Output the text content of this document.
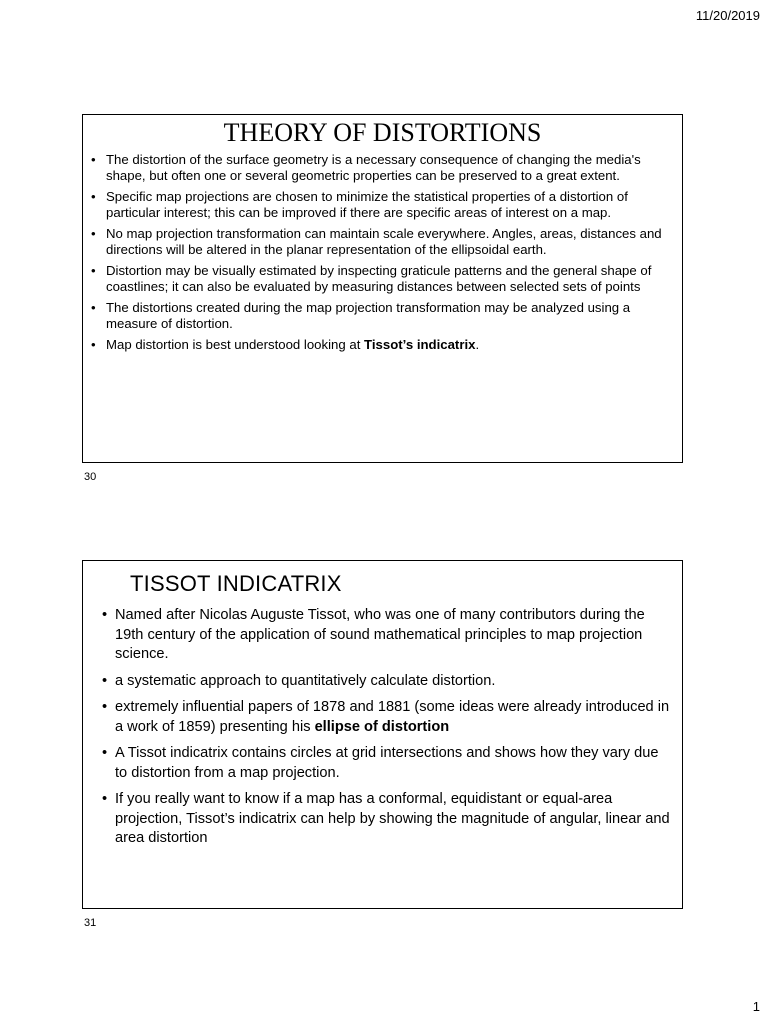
11/20/2019
THEORY OF DISTORTIONS
• The distortion of the surface geometry is a necessary consequence of changing the media's shape, but often one or several geometric properties can be preserved to a great extent.
• Specific map projections are chosen to minimize the statistical properties of a distortion of particular interest; this can be improved if there are specific areas of interest on a map.
• No map projection transformation can maintain scale everywhere. Angles, areas, distances and directions will be altered in the planar representation of the ellipsoidal earth.
• Distortion may be visually estimated by inspecting graticule patterns and the general shape of coastlines; it can also be evaluated by measuring distances between selected sets of points
• The distortions created during the map projection transformation may be analyzed using a measure of distortion.
• Map distortion is best understood looking at Tissot’s indicatrix.
30
TISSOT INDICATRIX
• Named after Nicolas Auguste Tissot, who was one of many contributors during the 19th century of the application of sound mathematical principles to map projection science.
• a systematic approach to quantitatively calculate distortion.
• extremely influential papers of 1878 and 1881 (some ideas were already introduced in a work of 1859) presenting his ellipse of distortion
• A Tissot indicatrix contains circles at grid intersections and shows how they vary due to distortion from a map projection.
• If you really want to know if a map has a conformal, equidistant or equal-area projection, Tissot’s indicatrix can help by showing the magnitude of angular, linear and area distortion
31
1
